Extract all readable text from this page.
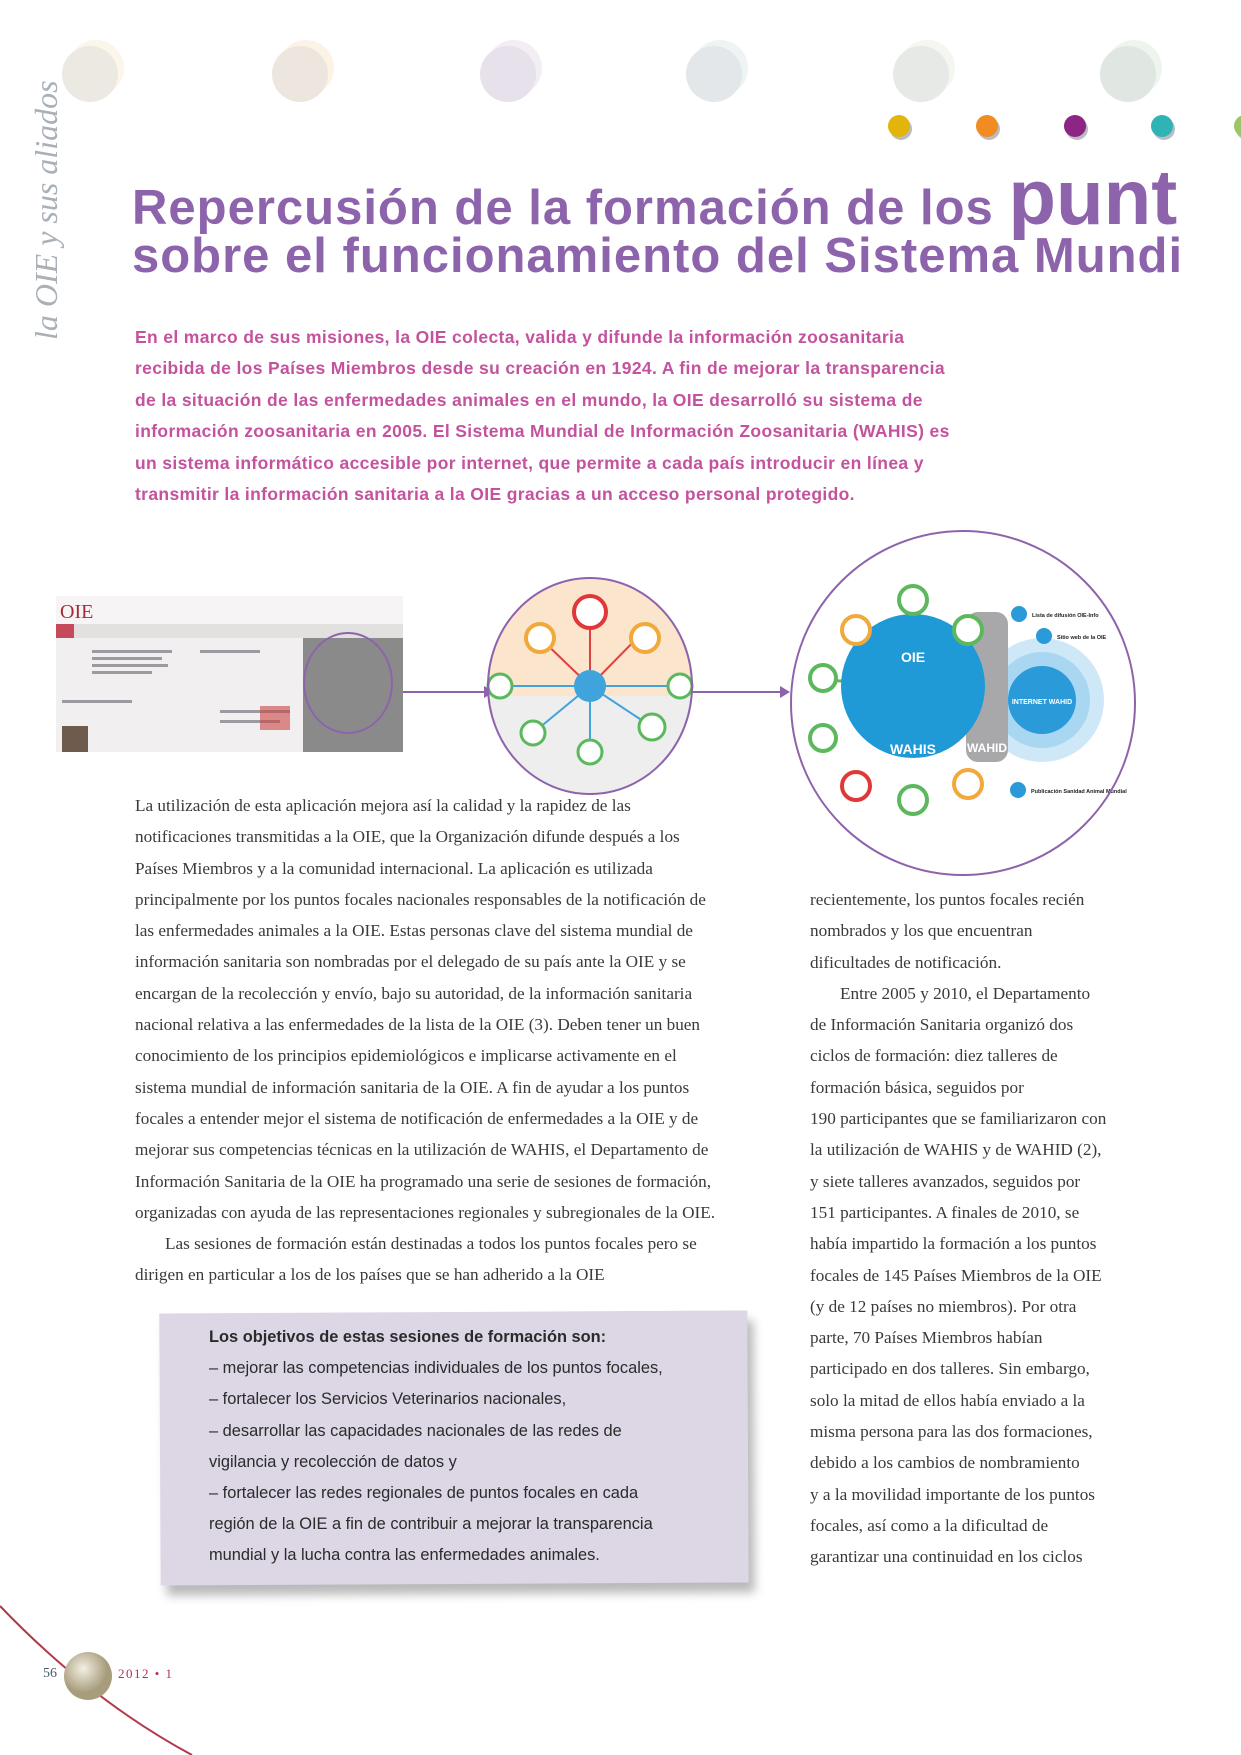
la OIE y sus aliados Repercusión de la formación de los punt
sobre el funcionamiento del Sistema Mundi
En el marco de sus misiones, la OIE colecta, valida y difunde la información zoosanitaria
recibida de los Países Miembros desde su creación en 1924. A fin de mejorar la transparencia
de la situación de las enfermedades animales en el mundo, la OIE desarrolló su sistema de
información zoosanitaria en 2005. El Sistema Mundial de Información Zoosanitaria (WAHIS) es
un sistema informático accesible por internet, que permite a cada país introducir en línea y
transmitir la información sanitaria a la OIE gracias a un acceso personal protegido.
OIE
OIE
WAHIS	WAHID
INTERNET WAHID
Lista de difusión OIE-Info
Sitio web de la OIE
Publicación Sanidad Animal Mundial
La utilización de esta aplicación mejora así la calidad y la rapidez de las
notificaciones transmitidas a la OIE, que la Organización difunde después a los
Países Miembros y a la comunidad internacional. La aplicación es utilizada
principalmente por los puntos focales nacionales responsables de la notificación de
las enfermedades animales a la OIE. Estas personas clave del sistema mundial de
información sanitaria son nombradas por el delegado de su país ante la OIE y se
encargan de la recolección y envío, bajo su autoridad, de la información sanitaria
nacional relativa a las enfermedades de la lista de la OIE (3). Deben tener un buen
conocimiento de los principios epidemiológicos e implicarse activamente en el
sistema mundial de información sanitaria de la OIE. A fin de ayudar a los puntos
focales a entender mejor el sistema de notificación de enfermedades a la OIE y de
mejorar sus competencias técnicas en la utilización de WAHIS, el Departamento de
Información Sanitaria de la OIE ha programado una serie de sesiones de formación,
organizadas con ayuda de las representaciones regionales y subregionales de la OIE.
Las sesiones de formación están destinadas a todos los puntos focales pero se
dirigen en particular a los de los países que se han adherido a la OIE
Los objetivos de estas sesiones de formación son:
– mejorar las competencias individuales de los puntos focales,
– fortalecer los Servicios Veterinarios nacionales,
– desarrollar las capacidades nacionales de las redes de
vigilancia y recolección de datos y
– fortalecer las redes regionales de puntos focales en cada
región de la OIE a fin de contribuir a mejorar la transparencia
mundial y la lucha contra las enfermedades animales.
recientemente, los puntos focales recién
nombrados y los que encuentran
dificultades de notificación.
Entre 2005 y 2010, el Departamento
de Información Sanitaria organizó dos
ciclos de formación: diez talleres de
formación básica, seguidos por
190 participantes que se familiarizaron con
la utilización de WAHIS y de WAHID (2),
y siete talleres avanzados, seguidos por
151 participantes. A finales de 2010, se
había impartido la formación a los puntos
focales de 145 Países Miembros de la OIE
(y de 12 países no miembros). Por otra
parte, 70 Países Miembros habían
participado en dos talleres. Sin embargo,
solo la mitad de ellos había enviado a la
misma persona para las dos formaciones,
debido a los cambios de nombramiento
y a la movilidad importante de los puntos
focales, así como a la dificultad de
garantizar una continuidad en los ciclos
56	2012 • 1
